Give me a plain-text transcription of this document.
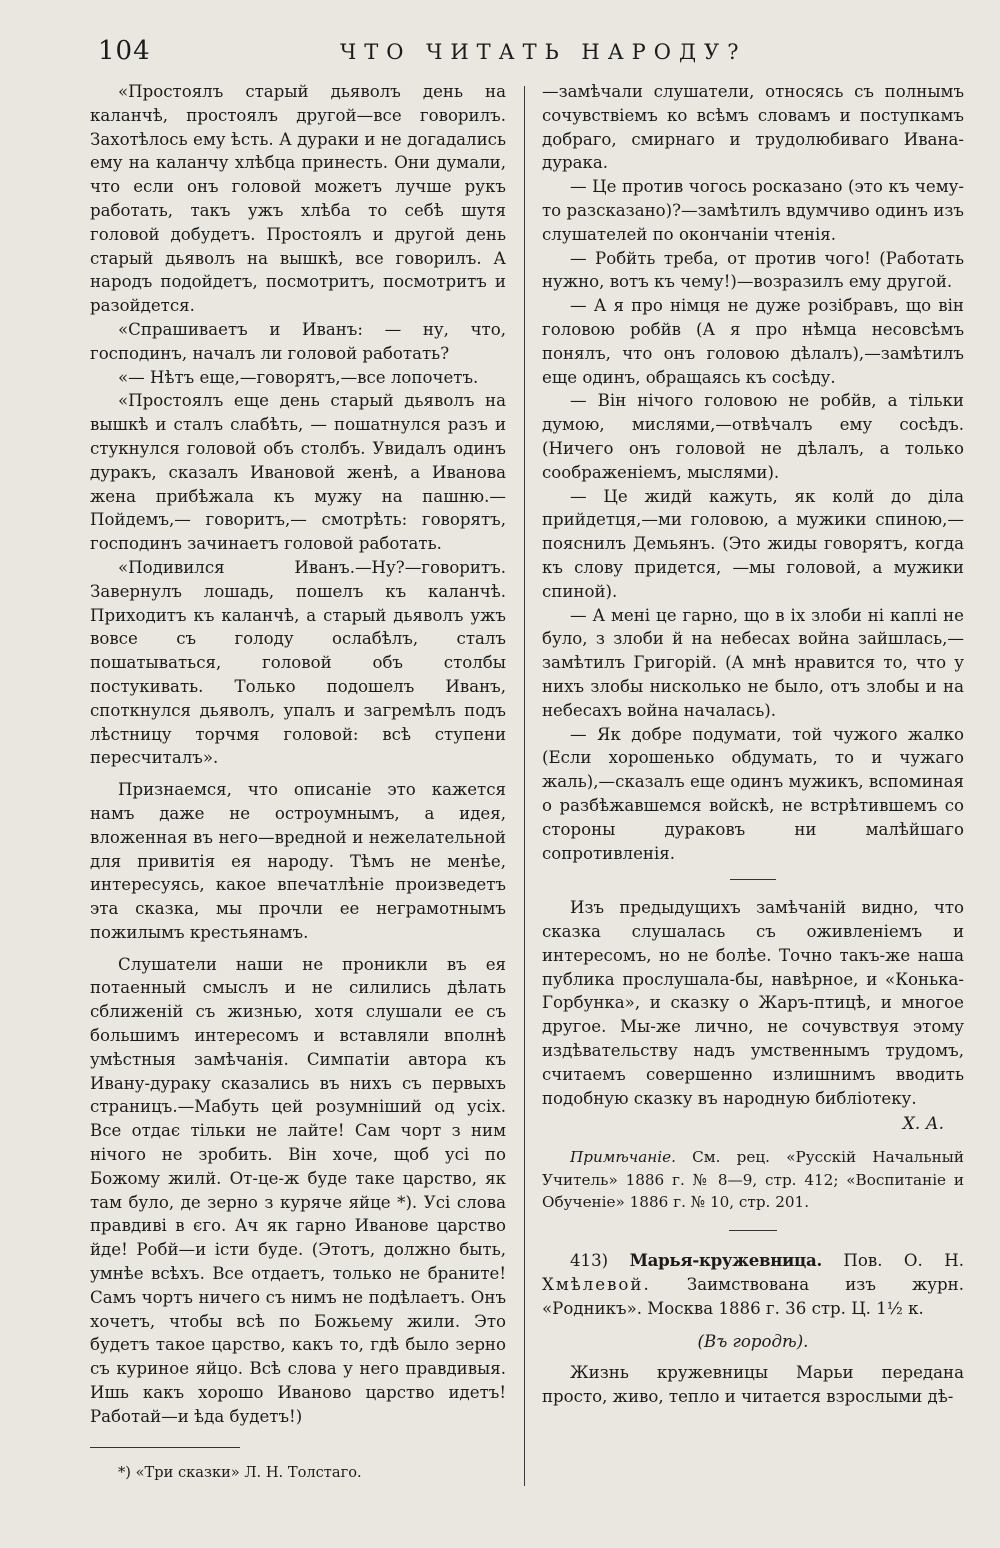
104	ЧТО ЧИТАТЬ НАРОДУ?

«Простоялъ старый дьяволъ день на каланчѣ, простоялъ другой—все говорилъ. Захотѣлось ему ѣсть. А дураки и не догадались ему на каланчу хлѣбца принесть. Они думали, что если онъ головой можетъ лучше рукъ работать, такъ ужъ хлѣба то себѣ шутя головой добудетъ. Простоялъ и другой день старый дьяволъ на вышкѣ, все говорилъ. А народъ подойдетъ, посмотритъ, посмотритъ и разойдется.

«Спрашиваетъ и Иванъ: — ну, что, господинъ, началъ ли головой работать?

«— Нѣтъ еще,—говорятъ,—все лопочетъ.

«Простоялъ еще день старый дьяволъ на вышкѣ и сталъ слабѣть, — пошатнулся разъ и стукнулся головой объ столбъ. Увидалъ одинъ дуракъ, сказалъ Ивановой женѣ, а Иванова жена прибѣжала къ мужу на пашню.—Пойдемъ,— говоритъ,— смотрѣть: говорятъ, господинъ зачинаетъ головой работать.

«Подивился Иванъ.—Ну?—говоритъ. Завернулъ лошадь, пошелъ къ каланчѣ. Приходитъ къ каланчѣ, а старый дьяволъ ужъ вовсе съ голоду ослабѣлъ, сталъ пошатываться, головой объ столбы постукивать. Только подошелъ Иванъ, споткнулся дьяволъ, упалъ и загремѣлъ подъ лѣстницу торчмя головой: всѣ ступени пересчиталъ».

Признаемся, что описаніе это кажется намъ даже не остроумнымъ, а идея, вложенная въ него—вредной и нежелательной для привитія ея народу. Тѣмъ не менѣе, интересуясь, какое впечатлѣніе произведетъ эта сказка, мы прочли ее неграмотнымъ пожилымъ крестьянамъ.

Слушатели наши не проникли въ ея потаенный смыслъ и не силились дѣлать сближеній съ жизнью, хотя слушали ее съ большимъ интересомъ и вставляли вполнѣ умѣстныя замѣчанія. Симпатіи автора къ Ивану-дураку сказались въ нихъ съ первыхъ страницъ.—Мабуть цей розумнiший од усiх. Все отдає тiльки не лайте! Сам чорт з ним нiчого не зробить. Вiн хоче, щоб усi по Божому жилй. От-це-ж буде таке царство, як там було, де зерно з куряче яйце *). Усi слова правдивi в єго. Ач як гарно Иванове царство йде! Робй—и iсти буде. (Этотъ, должно быть, умнѣе всѣхъ. Все отдаетъ, только не браните! Самъ чортъ ничего съ нимъ не подѣлаетъ. Онъ хочетъ, чтобы всѣ по Божьему жили. Это будетъ такое царство, какъ то, гдѣ было зерно съ куриное яйцо. Всѣ слова у него правдивыя. Ишь какъ хорошо Иваново царство идетъ! Работай—и ѣда будетъ!)

*) «Три сказки» Л. Н. Толстаго.

—замѣчали слушатели, относясь съ полнымъ сочувствіемъ ко всѣмъ словамъ и поступкамъ добраго, смирнаго и трудолюбиваго Ивана-дурака.

— Це против чогось росказано (это къ чему-то разсказано)?—замѣтилъ вдумчиво одинъ изъ слушателей по окончаніи чтенія.

— Робйть треба, от против чого! (Работать нужно, вотъ къ чему!)—возразилъ ему другой.

— А я про нiмця не дуже розiбравъ, що вiн головою робйв (А я про нѣмца несовсѣмъ понялъ, что онъ головою дѣлалъ),—замѣтилъ еще одинъ, обращаясь къ сосѣду.

— Вiн нiчого головою не робйв, а тiльки думою, мислями,—отвѣчалъ ему сосѣдъ. (Ничего онъ головой не дѣлалъ, а только соображеніемъ, мыслями).

— Це жидй кажуть, як колй до дiла прийдетця,—ми головою, а мужики спиною,—пояснилъ Демьянъ. (Это жиды говорятъ, когда къ слову придется, —мы головой, а мужики спиной).

— А менi це гарно, що в iх злоби нi каплi не було, з злоби й на небесах война зайшлась,—замѣтилъ Григорій. (А мнѣ нравится то, что у нихъ злобы нисколько не было, отъ злобы и на небесахъ война началась).

— Як добре подумати, той чужого жалко (Если хорошенько обдумать, то и чужаго жаль),—сказалъ еще одинъ мужикъ, вспоминая о разбѣжавшемся войскѣ, не встрѣтившемъ со стороны дураковъ ни малѣйшаго сопротивленія.

Изъ предыдущихъ замѣчаній видно, что сказка слушалась съ оживленіемъ и интересомъ, но не болѣе. Точно такъ-же наша публика прослушала-бы, навѣрное, и «Конька-Горбунка», и сказку о Жаръ-птицѣ, и многое другое. Мы-же лично, не сочувствуя этому издѣвательству надъ умственнымъ трудомъ, считаемъ совершенно излишнимъ вводить подобную сказку въ народную библіотеку.

Х. А.

Примѣчаніе. См. рец. «Русскій Начальный Учитель» 1886 г. № 8—9, стр. 412; «Воспитаніе и Обученіе» 1886 г. № 10, стр. 201.

413) Марья-кружевница. Пов. О. Н. Хмѣлевой. Заимствована изъ журн. «Родникъ». Москва 1886 г. 36 стр. Ц. 1½ к.

(Въ городѣ).

Жизнь кружевницы Марьи передана просто, живо, тепло и читается взрослыми дѣ-
